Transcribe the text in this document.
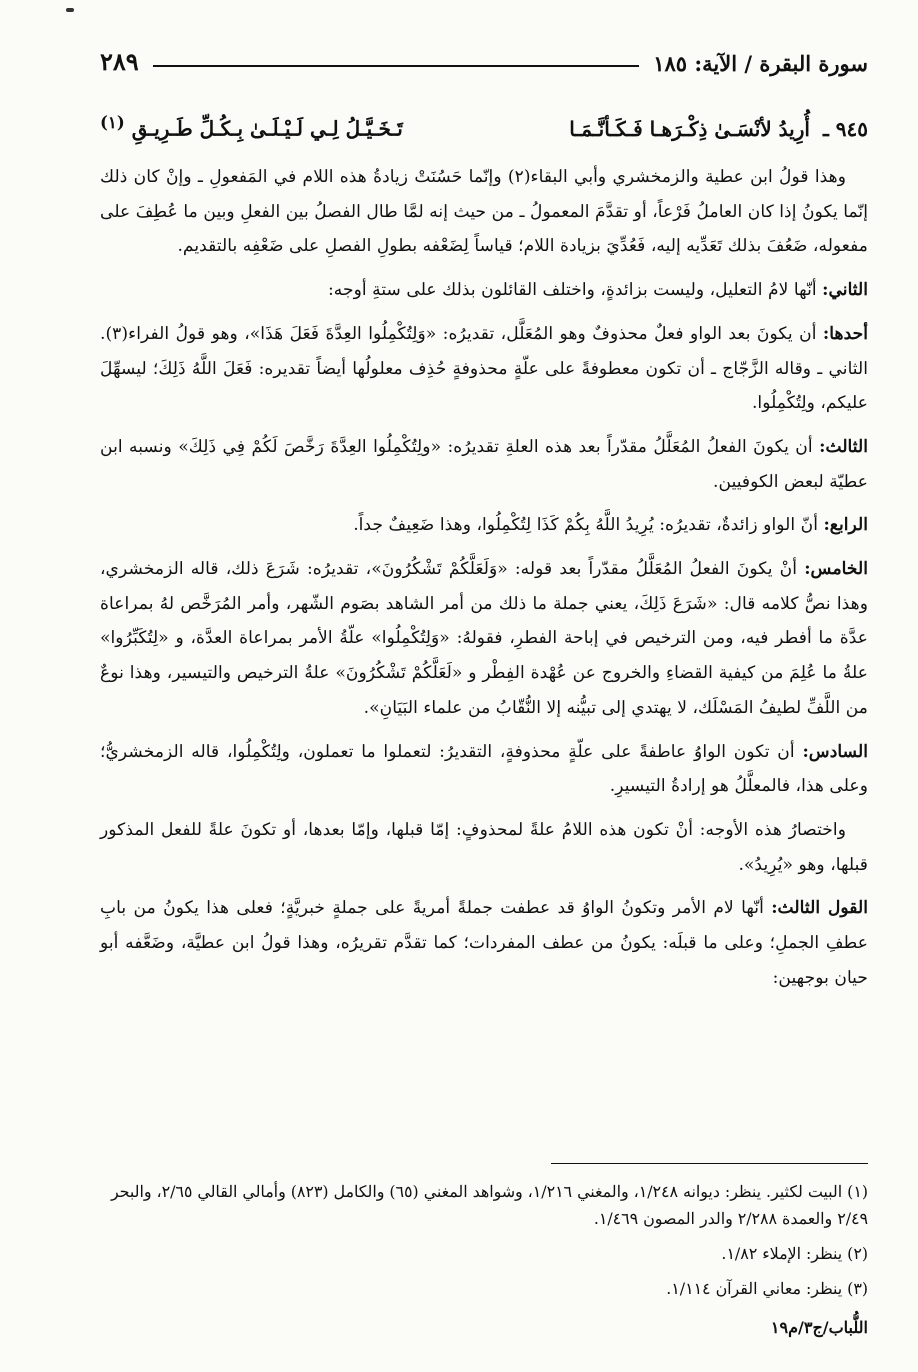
سورة البقرة / الآية: ١٨٥
٢٨٩
٩٤٥ ـ أُرِيدُ لأنْسَـىٰ ذِكْـرَهـا فَـكَـأنَّـمَـا
تَـخَـيَّـلُ لِـي لَـيْـلَـىٰ بِـكُـلِّ طَـرِيـقِ $^{(١)}$

وهذا قولُ ابن عطية والزمخشري وأبي البقاء(٢) وإنّما حَسُنَتْ زيادةُ هذه اللام في المَفعولِ ـ وإنْ كان ذلك إنّما يكونُ إذا كان العاملُ فَرْعاً، أو تقدَّمَ المعمولُ ـ من حيث إنه لمَّا طال الفصلُ بين الفعلِ وبين ما عُطِفَ على مفعوله، ضَعُفَ بذلك تَعَدِّيه إليه، فَعُدِّيَ بزيادة اللام؛ قياساً لِضَعْفه بطولِ الفصلِ على ضَعْفِه بالتقديم.

الثاني: أنّها لامُ التعليل، وليست بزائدةٍ، واختلف القائلون بذلك على ستةِ أوجه:

أحدها: أن يكونَ بعد الواو فعلٌ محذوفٌ وهو المُعَلَّل، تقديرُه: «وَلِتُكْمِلُوا العِدَّةَ فَعَلَ هَذَا»، وهو قولُ الفراء(٣). الثاني ـ وقاله الزَّجّاج ـ أن تكون معطوفةً على علّةٍ محذوفةٍ حُذِف معلولُها أيضاً تقديره: فَعَلَ اللَّهُ ذَلِكَ؛ ليسهِّلَ عليكم، ولِتُكْمِلُوا.

الثالث: أن يكونَ الفعلُ المُعَلَّلُ مقدّراً بعد هذه العلةِ تقديرُه: «ولِتُكْمِلُوا العِدَّةَ رَخَّصَ لَكُمْ فِي ذَلِكَ» ونسبه ابن عطيّة لبعض الكوفيين.

الرابع: أنّ الواو زائدةٌ، تقديرُه: يُرِيدُ اللَّهُ بِكُمْ كَذَا لِتُكْمِلُوا، وهذا ضَعِيفٌ جداً.

الخامس: أنْ يكونَ الفعلُ المُعَلَّلُ مقدّراً بعد قوله: «وَلَعَلَّكُمْ تَشْكُرُونَ»، تقديرُه: شَرَعَ ذلك، قاله الزمخشري، وهذا نصُّ كلامه قال: «شَرَعَ ذَلِكَ، يعني جملة ما ذلك من أمر الشاهد بصَوم الشّهر، وأمر المُرَخَّص لهُ بمراعاة عدَّة ما أفطر فيه، ومن الترخيص في إباحة الفطرِ، فقولهُ: «وَلِتُكْمِلُوا» علّةُ الأمر بمراعاة العدَّة، و «لِتُكَبِّرُوا» علةُ ما عُلِمَ من كيفية القضاءِ والخروج عن عُهْدة الفِطْر و «لَعَلَّكُمْ تَشْكُرُونَ» علةُ الترخيص والتيسير، وهذا نوعٌ من اللَّفِّ لطيفُ المَسْلَك، لا يهتدي إلى تبيُّنه إلا النُّقّابُ من علماء البَيَانِ».

السادس: أن تكون الواوُ عاطفةً على علّةٍ محذوفةٍ، التقديرُ: لتعملوا ما تعملون، ولِتُكْمِلُوا، قاله الزمخشريُّ؛ وعلى هذا، فالمعلَّلُ هو إرادةُ التيسيرِ.

واختصارُ هذه الأوجه: أنْ تكون هذه اللامُ علةً لمحذوفٍ: إمّا قبلها، وإمّا بعدها، أو تكونَ علةً للفعل المذكور قبلها، وهو «يُرِيدُ».

القول الثالث: أنّها لام الأمر وتكونُ الواوُ قد عطفت جملةً أمريةً على جملةٍ خبريَّةٍ؛ فعلى هذا يكونُ من بابِ عطفِ الجملِ؛ وعلى ما قبلَه: يكونُ من عطف المفردات؛ كما تقدَّم تقريرُه، وهذا قولُ ابن عطيَّة، وضَعَّفه أبو حيان بوجهين:

(١) البيت لكثير. ينظر: ديوانه ١/٢٤٨، والمغني ١/٢١٦، وشواهد المغني (٦٥) والكامل (٨٢٣) وأمالي القالي ٢/٦٥، والبحر ٢/٤٩ والعمدة ٢/٢٨٨ والدر المصون ١/٤٦٩.

(٢) ينظر: الإملاء ١/٨٢.

(٣) ينظر: معاني القرآن ١/١١٤.

اللُّباب/ج٣/م١٩
